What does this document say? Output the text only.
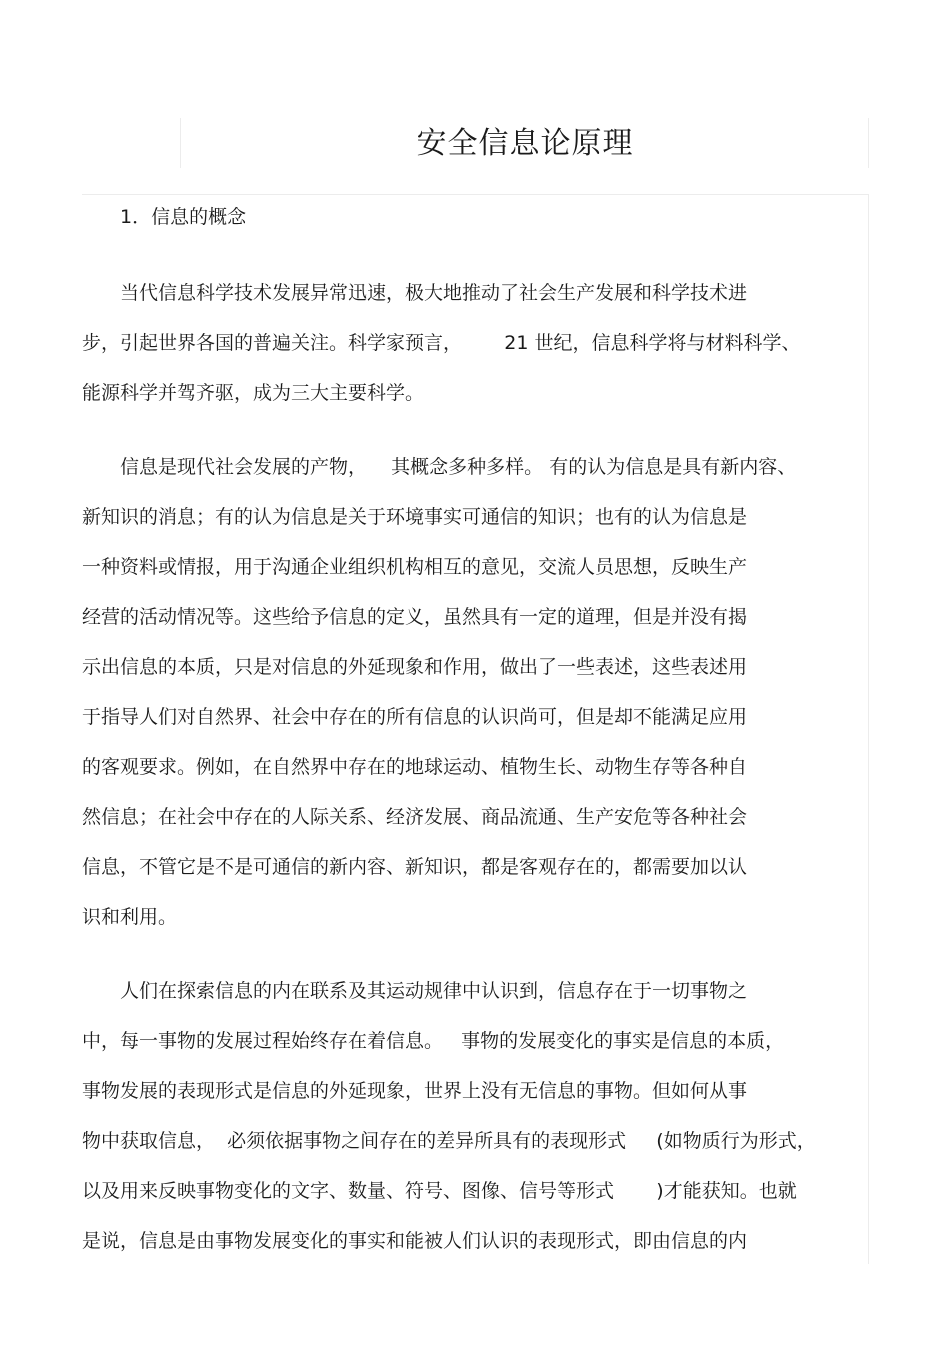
安全信息论原理
1．信息的概念
当代信息科学技术发展异常迅速，极大地推动了社会生产发展和科学技术进
步，引起世界各国的普遍关注。科学家预言，       21 世纪，信息科学将与材料科学、
能源科学并驾齐驱，成为三大主要科学。
信息是现代社会发展的产物，    其概念多种多样。 有的认为信息是具有新内容、
新知识的消息；有的认为信息是关于环境事实可通信的知识；也有的认为信息是
一种资料或情报，用于沟通企业组织机构相互的意见，交流人员思想，反映生产
经营的活动情况等。这些给予信息的定义，虽然具有一定的道理，但是并没有揭
示出信息的本质，只是对信息的外延现象和作用，做出了一些表述，这些表述用
于指导人们对自然界、社会中存在的所有信息的认识尚可，但是却不能满足应用
的客观要求。例如，在自然界中存在的地球运动、植物生长、动物生存等各种自
然信息；在社会中存在的人际关系、经济发展、商品流通、生产安危等各种社会
信息，不管它是不是可通信的新内容、新知识，都是客观存在的，都需要加以认
识和利用。
人们在探索信息的内在联系及其运动规律中认识到，信息存在于一切事物之
中，每一事物的发展过程始终存在着信息。   事物的发展变化的事实是信息的本质，
事物发展的表现形式是信息的外延现象，世界上没有无信息的事物。但如何从事
物中获取信息，  必须依据事物之间存在的差异所具有的表现形式     (如物质行为形式，
以及用来反映事物变化的文字、数量、符号、图像、信号等形式       )才能获知。也就
是说，信息是由事物发展变化的事实和能被人们认识的表现形式，即由信息的内
